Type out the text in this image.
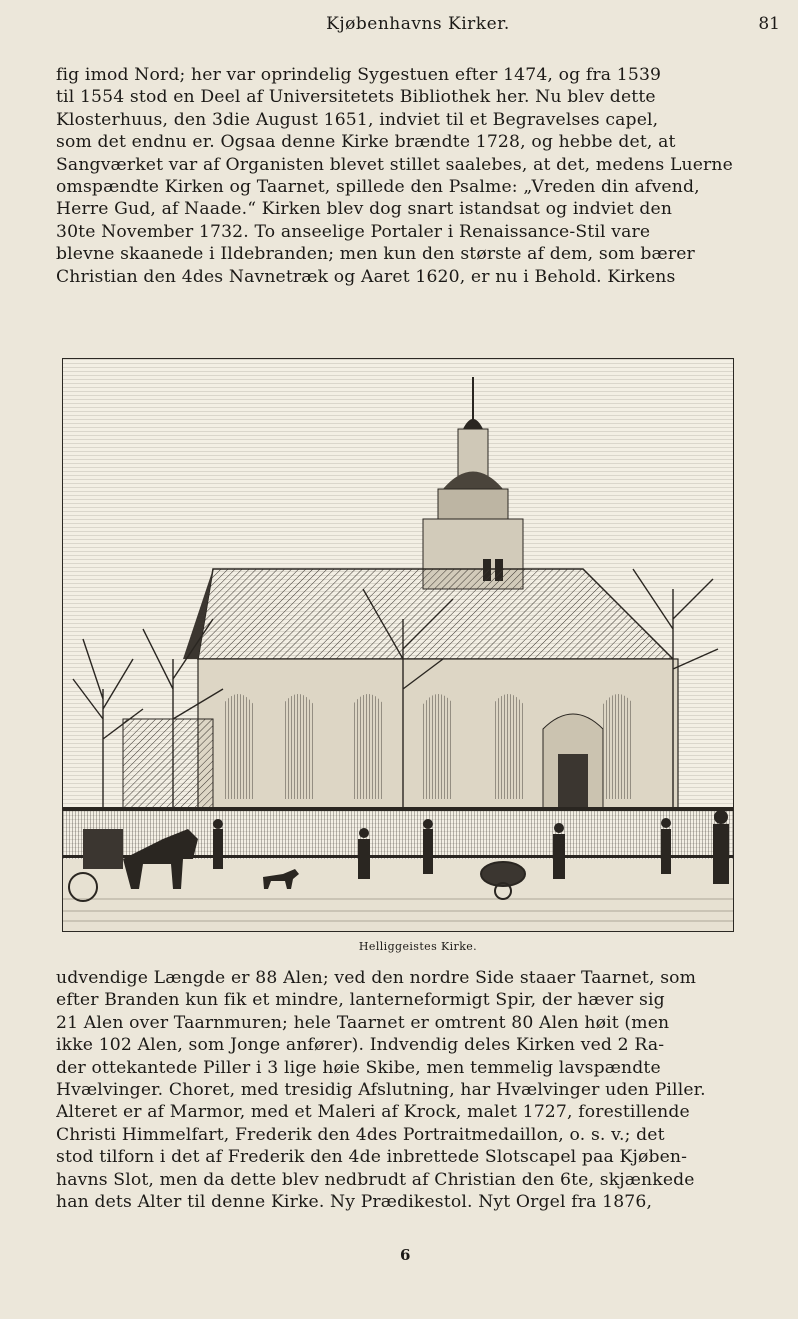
Kjøbenhavns Kirker.	81
fig imod Nord; her var oprindelig Sygestuen efter 1474, og fra 1539
til 1554 stod en Deel af Universitetets Bibliothek her. Nu blev dette
Klosterhuus, den 3die August 1651, indviet til et Begravelses capel,
som det endnu er. Ogsaa denne Kirke brændte 1728, og hebbe det, at
Sangværket var af Organisten blevet stillet saalebes, at det, medens Luerne
omspændte Kirken og Taarnet, spillede den Psalme: „Vreden din afvend,
Herre Gud, af Naade.“ Kirken blev dog snart istandsat og indviet den
30te November 1732. To anseelige Portaler i Renaissance-Stil vare
blevne skaanede i Ildebranden; men kun den største af dem, som bærer
Christian den 4des Navnetræk og Aaret 1620, er nu i Behold. Kirkens
Helliggeistes Kirke.
udvendige Længde er 88 Alen; ved den nordre Side staaer Taarnet, som
efter Branden kun fik et mindre, lanterneformigt Spir, der hæver sig
21 Alen over Taarnmuren; hele Taarnet er omtrent 80 Alen høit (men
ikke 102 Alen, som Jonge anfører). Indvendig deles Kirken ved 2 Ra-
der ottekantede Piller i 3 lige høie Skibe, men temmelig lavspændte
Hvælvinger. Choret, med tresidig Afslutning, har Hvælvinger uden Piller.
Alteret er af Marmor, med et Maleri af Krock, malet 1727, forestillende
Christi Himmelfart, Frederik den 4des Portraitmedaillon, o. s. v.; det
stod tilforn i det af Frederik den 4de inbrettede Slotscapel paa Kjøben-
havns Slot, men da dette blev nedbrudt af Christian den 6te, skjænkede
han dets Alter til denne Kirke. Ny Prædikestol. Nyt Orgel fra 1876,
6
